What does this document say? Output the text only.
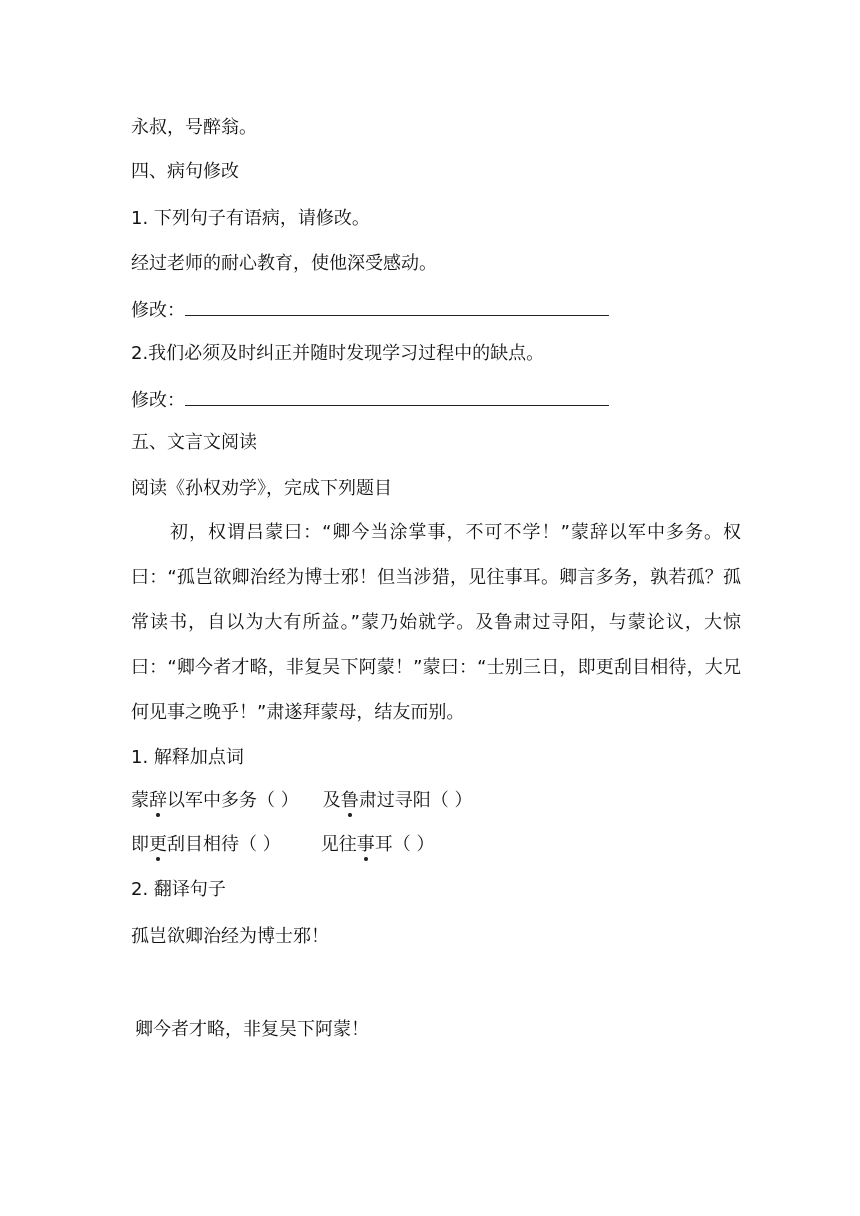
永叔，号醉翁。
四、病句修改
1. 下列句子有语病，请修改。
经过老师的耐心教育，使他深受感动。
修改：
2.我们必须及时纠正并随时发现学习过程中的缺点。
修改：
五、文言文阅读
阅读《孙权劝学》，完成下列题目
初，权谓吕蒙曰：“卿今当涂掌事，不可不学！”蒙辞以军中多务。权曰：“孤岂欲卿治经为博士邪！但当涉猎，见往事耳。卿言多务，孰若孤？孤常读书，自以为大有所益。”蒙乃始就学。及鲁肃过寻阳，与蒙论议，大惊曰：“卿今者才略，非复吴下阿蒙！”蒙曰：“士别三日，即更刮目相待，大兄何见事之晚乎！”肃遂拜蒙母，结友而别。
1. 解释加点词
蒙辞以军中多务（ ） 及鲁肃过寻阳（ ）
即更刮目相待（ ） 见往事耳（ ）
2. 翻译句子
孤岂欲卿治经为博士邪！
卿今者才略，非复吴下阿蒙！
